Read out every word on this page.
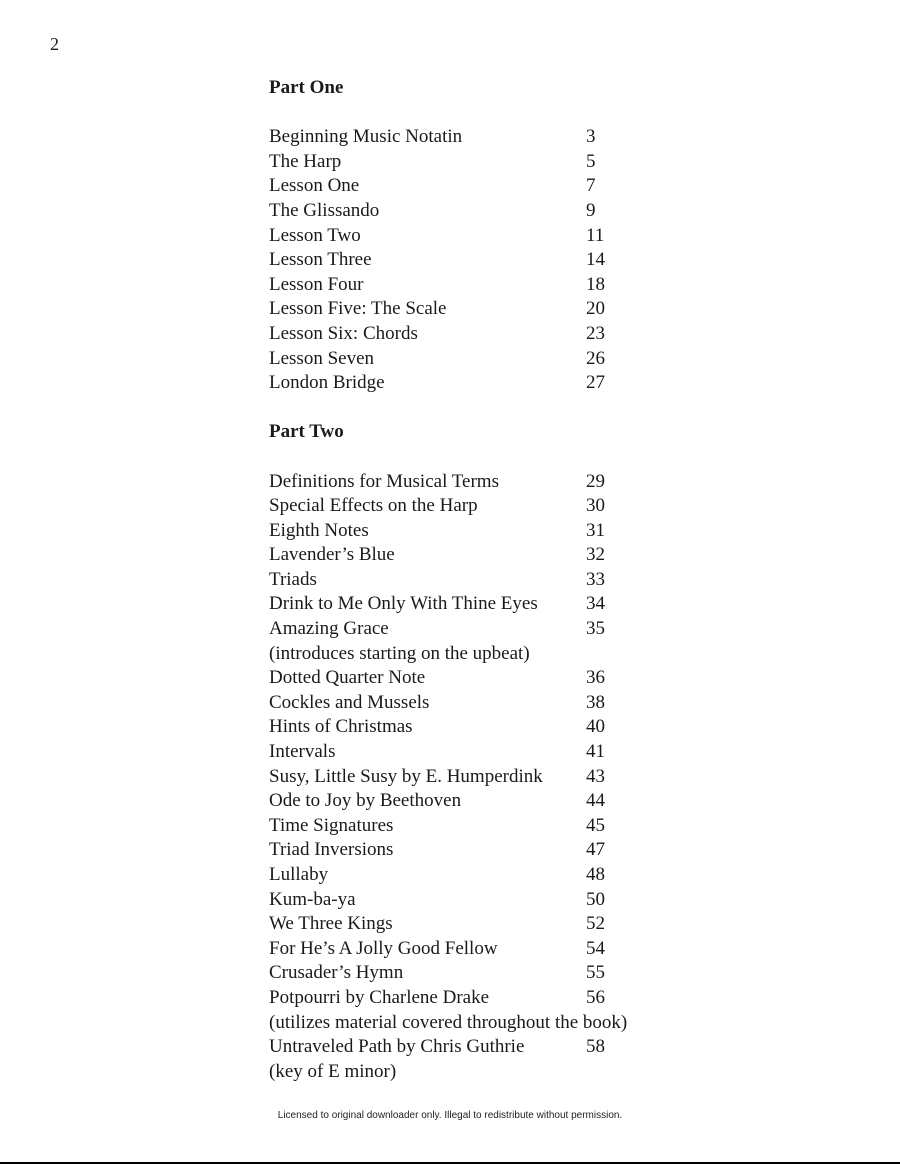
2
Part One
Beginning Music Notatin	3
The Harp	5
Lesson One	7
The Glissando	9
Lesson Two	11
Lesson Three	14
Lesson Four	18
Lesson Five: The Scale	20
Lesson Six: Chords	23
Lesson Seven	26
London Bridge	27
Part Two
Definitions for Musical Terms	29
Special Effects on the Harp	30
Eighth Notes	31
Lavender’s Blue	32
Triads	33
Drink to Me Only With Thine Eyes	34
Amazing Grace	35
(introduces starting on the upbeat)
Dotted Quarter Note	36
Cockles and Mussels	38
Hints of Christmas	40
Intervals	41
Susy, Little Susy by E. Humperdink 43
Ode to Joy by Beethoven	44
Time Signatures	45
Triad Inversions	47
Lullaby	48
Kum-ba-ya	50
We Three Kings	52
For He’s A Jolly Good Fellow	54
Crusader’s Hymn	55
Potpourri by Charlene Drake	56
(utilizes material covered throughout the book)
Untraveled Path by Chris Guthrie	58
(key of E minor)
Licensed to original downloader only. Illegal to redistribute without permission.
